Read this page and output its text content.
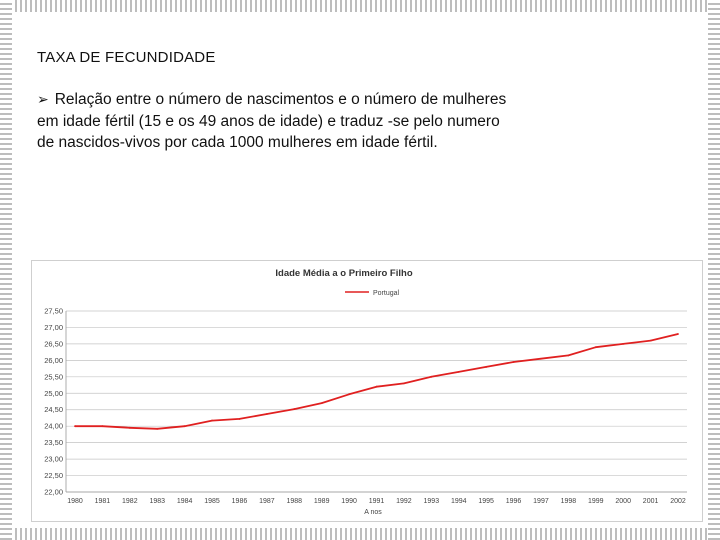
TAXA DE FECUNDIDADE
➢ Relação entre o número de nascimentos e o número de mulheres em idade fértil (15 e os 49 anos de idade) e traduz -se pelo numero de nascidos-vivos por cada 1000 mulheres em idade fértil.
Idade Média a o Primeiro Filho
Portugal
27,50
27,00
26,50
26,00
25,50
25,00
24,50
24,00
23,50
23,00
22,50
22,00
1980 1981 1982 1983 1984 1985 1986 1987 1988 1989 1990 1991 1992 1993 1994 1995 1996 1997 1998 1999 2000 2001 2002
A nos
